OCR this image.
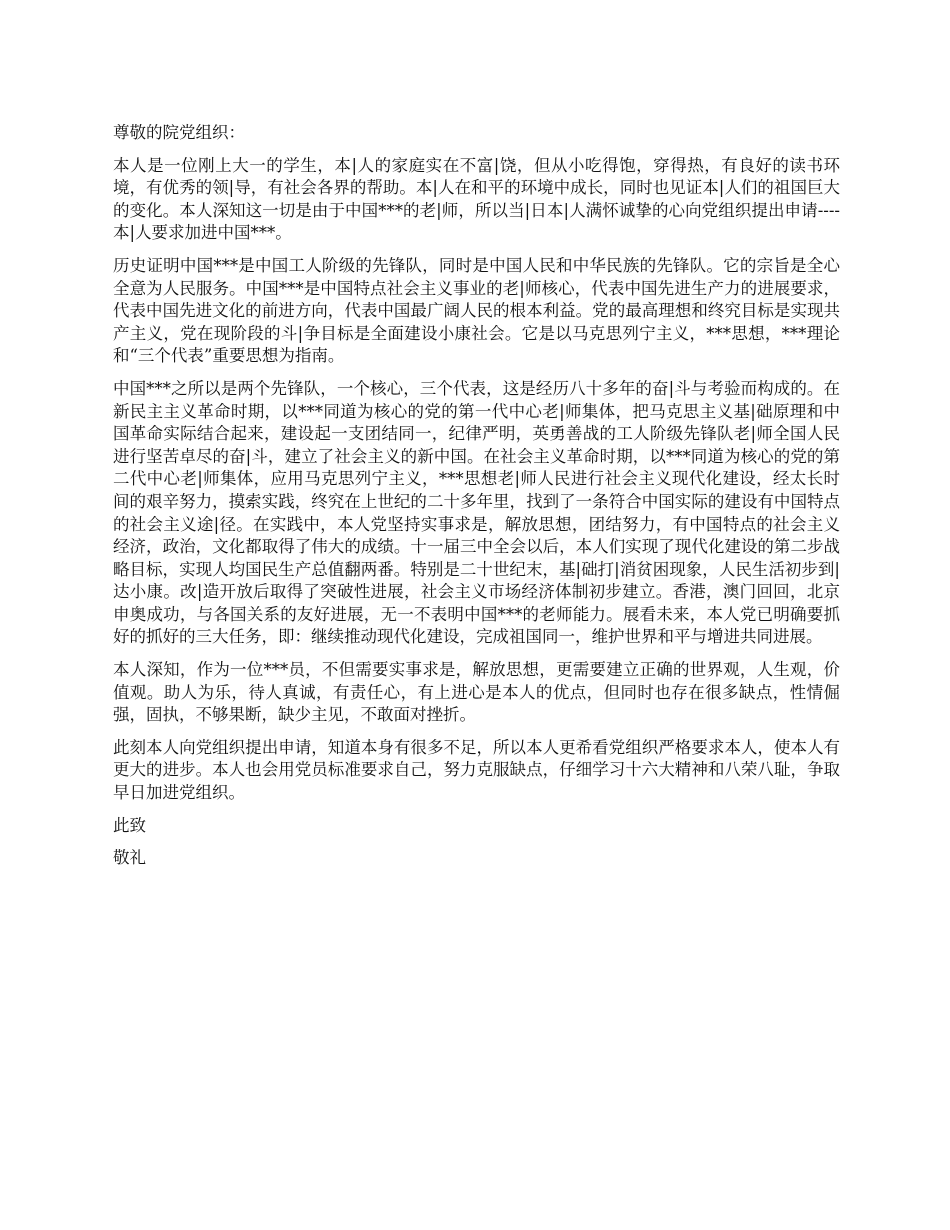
尊敬的院党组织：

本人是一位刚上大一的学生，本|人的家庭实在不富|饶，但从小吃得饱，穿得热，有良好的读书环境，有优秀的领|导，有社会各界的帮助。本|人在和平的环境中成长，同时也见证本|人们的祖国巨大的变化。本人深知这一切是由于中国***的老|师，所以当|日本|人满怀诚挚的心向党组织提出申请---- 本|人要求加进中国***。

历史证明中国***是中国工人阶级的先锋队，同时是中国人民和中华民族的先锋队。它的宗旨是全心全意为人民服务。中国***是中国特点社会主义事业的老|师核心，代表中国先进生产力的进展要求，代表中国先进文化的前进方向，代表中国最广阔人民的根本利益。党的最高理想和终究目标是实现共产主义，党在现阶段的斗|争目标是全面建设小康社会。它是以马克思列宁主义，***思想，***理论和“三个代表”重要思想为指南。

中国***之所以是两个先锋队，一个核心，三个代表，这是经历八十多年的奋|斗与考验而构成的。在新民主主义革命时期，以***同道为核心的党的第一代中心老|师集体，把马克思主义基|础原理和中国革命实际结合起来，建设起一支团结同一，纪律严明，英勇善战的工人阶级先锋队老|师全国人民进行坚苦卓尽的奋|斗，建立了社会主义的新中国。在社会主义革命时期，以***同道为核心的党的第二代中心老|师集体，应用马克思列宁主义，***思想老|师人民进行社会主义现代化建设，经太长时间的艰辛努力，摸索实践，终究在上世纪的二十多年里，找到了一条符合中国实际的建设有中国特点的社会主义途|径。在实践中，本人党坚持实事求是，解放思想，团结努力，有中国特点的社会主义经济，政治，文化都取得了伟大的成绩。十一届三中全会以后，本人们实现了现代化建设的第二步战略目标，实现人均国民生产总值翻两番。特别是二十世纪末，基|础打|消贫困现象，人民生活初步到|达小康。改|造开放后取得了突破性进展，社会主义市场经济体制初步建立。香港，澳门回回，北京申奥成功，与各国关系的友好进展，无一不表明中国***的老师能力。展看未来，本人党已明确要抓好的抓好的三大任务，即：继续推动现代化建设，完成祖国同一，维护世界和平与增进共同进展。

本人深知，作为一位***员，不但需要实事求是，解放思想，更需要建立正确的世界观，人生观，价值观。助人为乐，待人真诚，有责任心，有上进心是本人的优点，但同时也存在很多缺点，性情倔强，固执，不够果断，缺少主见，不敢面对挫折。

此刻本人向党组织提出申请，知道本身有很多不足，所以本人更希看党组织严格要求本人，使本人有更大的进步。本人也会用党员标准要求自己，努力克服缺点，仔细学习十六大精神和八荣八耻，争取早日加进党组织。

此致

敬礼
